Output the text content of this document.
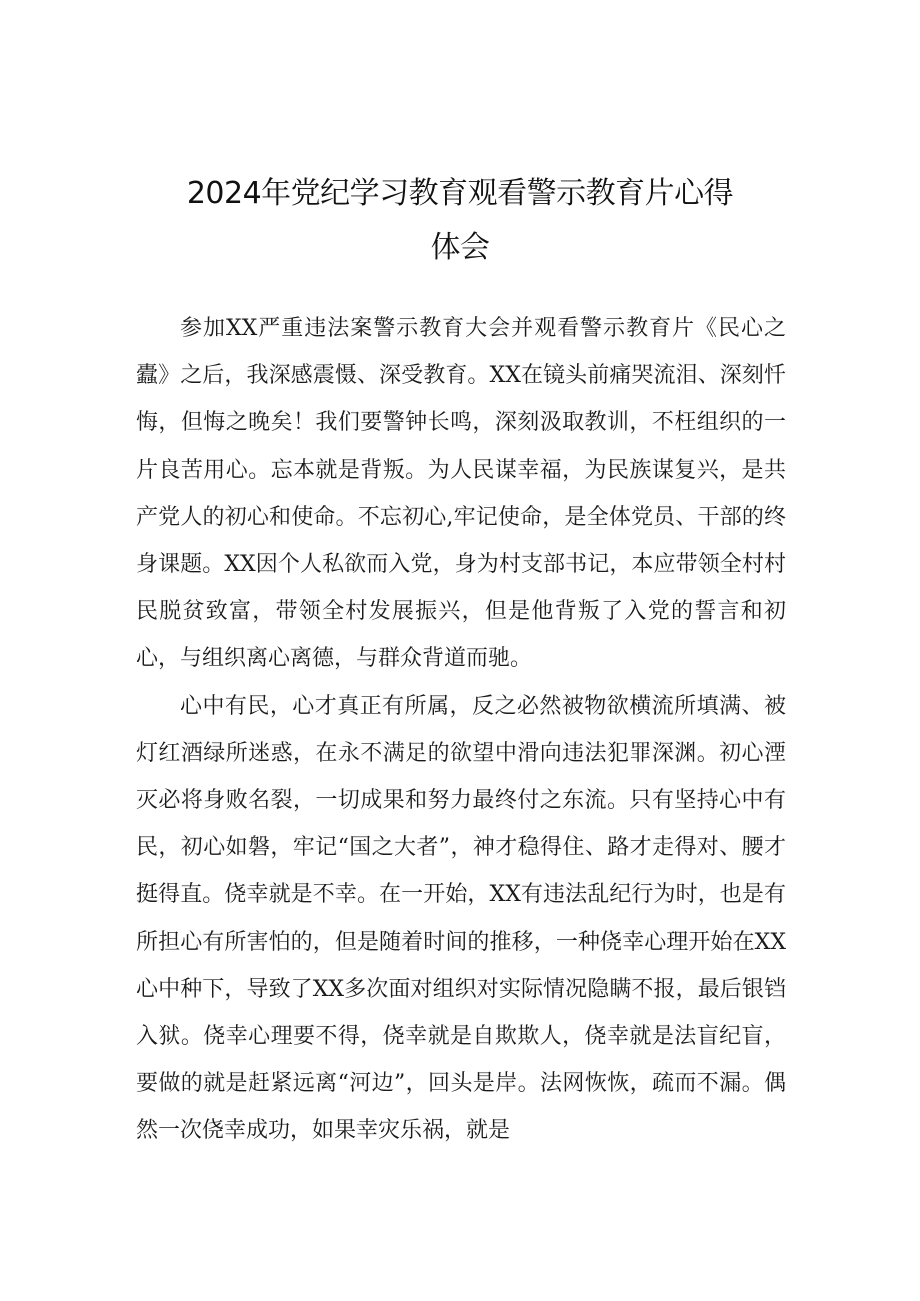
2024年党纪学习教育观看警示教育片心得
体会

参加XX严重违法案警示教育大会并观看警示教育片《民心之蠹》之后，我深感震慑、深受教育。XX在镜头前痛哭流泪、深刻忏悔，但悔之晚矣！我们要警钟长鸣，深刻汲取教训，不枉组织的一片良苦用心。忘本就是背叛。为人民谋幸福，为民族谋复兴，是共产党人的初心和使命。不忘初心,牢记使命，是全体党员、干部的终身课题。XX因个人私欲而入党，身为村支部书记，本应带领全村村民脱贫致富，带领全村发展振兴，但是他背叛了入党的誓言和初心，与组织离心离德，与群众背道而驰。

心中有民，心才真正有所属，反之必然被物欲横流所填满、被灯红酒绿所迷惑，在永不满足的欲望中滑向违法犯罪深渊。初心湮灭必将身败名裂，一切成果和努力最终付之东流。只有坚持心中有民，初心如磐，牢记“国之大者”，神才稳得住、路才走得对、腰才挺得直。侥幸就是不幸。在一开始，XX有违法乱纪行为时，也是有所担心有所害怕的，但是随着时间的推移，一种侥幸心理开始在XX心中种下，导致了XX多次面对组织对实际情况隐瞒不报，最后银铛入狱。侥幸心理要不得，侥幸就是自欺欺人，侥幸就是法盲纪盲，要做的就是赶紧远离“河边”，回头是岸。法网恢恢，疏而不漏。偶然一次侥幸成功，如果幸灾乐祸，就是
